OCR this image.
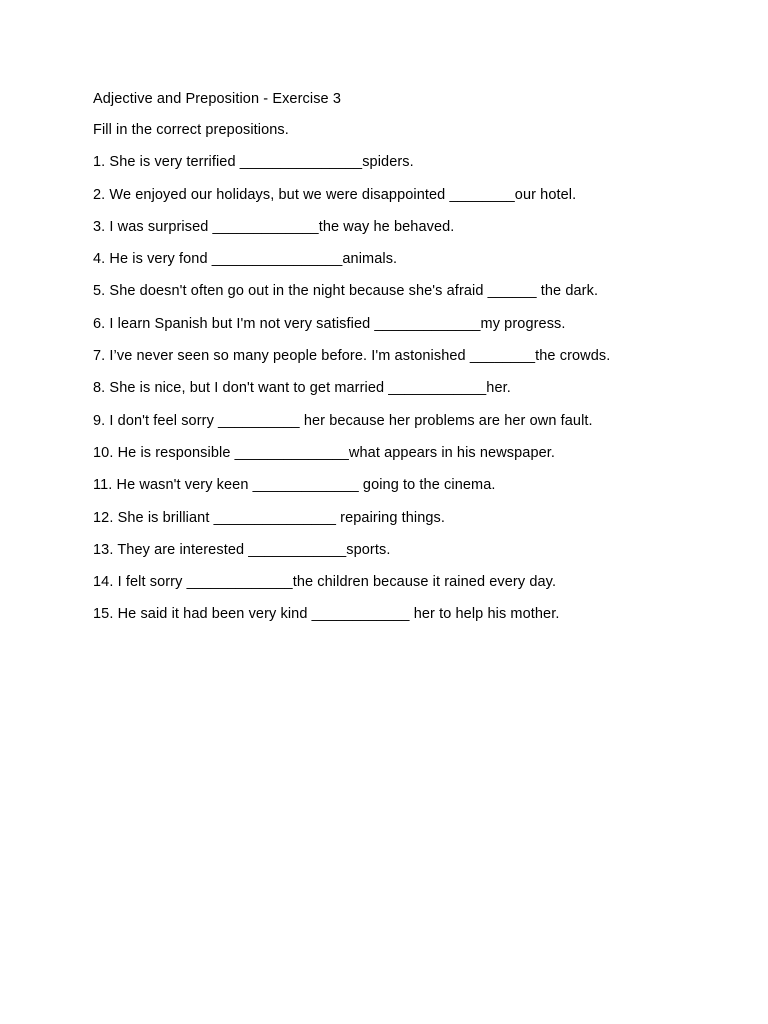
Adjective and Preposition - Exercise 3
Fill in the correct prepositions.
1. She is very terrified _______________spiders.
2. We enjoyed our holidays, but we were disappointed ________our hotel.
3. I was surprised _____________the way he behaved.
4. He is very fond ________________animals.
5. She doesn't often go out in the night because she's afraid ______ the dark.
6. I learn Spanish but I'm not very satisfied _____________my progress.
7. I’ve never seen so many people before. I'm astonished ________the crowds.
8. She is nice, but I don't want to get married ____________her.
9. I don't feel sorry __________ her because her problems are her own fault.
10. He is responsible ______________what appears in his newspaper.
11. He wasn't very keen _____________ going to the cinema.
12. She is brilliant _______________ repairing things.
13. They are interested ____________sports.
14. I felt sorry _____________the children because it rained every day.
15. He said it had been very kind ____________ her to help his mother.
